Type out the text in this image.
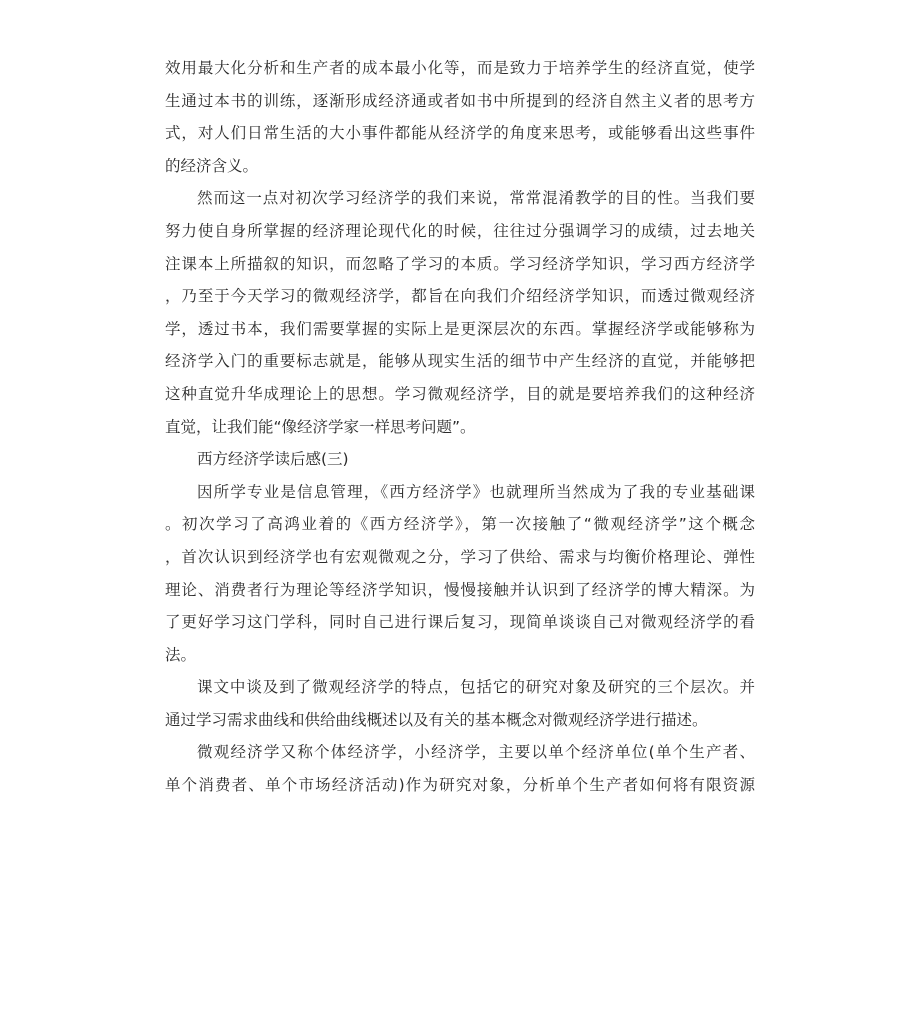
效用最大化分析和生产者的成本最小化等，而是致力于培养学生的经济直觉，使学
生通过本书的训练，逐渐形成经济通或者如书中所提到的经济自然主义者的思考方
式，对人们日常生活的大小事件都能从经济学的角度来思考，或能够看出这些事件
的经济含义。
然而这一点对初次学习经济学的我们来说，常常混淆教学的目的性。当我们要
努力使自身所掌握的经济理论现代化的时候，往往过分强调学习的成绩，过去地关
注课本上所描叙的知识，而忽略了学习的本质。学习经济学知识，学习西方经济学
，乃至于今天学习的微观经济学，都旨在向我们介绍经济学知识，而透过微观经济
学，透过书本，我们需要掌握的实际上是更深层次的东西。掌握经济学或能够称为
经济学入门的重要标志就是，能够从现实生活的细节中产生经济的直觉，并能够把
这种直觉升华成理论上的思想。学习微观经济学，目的就是要培养我们的这种经济
直觉，让我们能“像经济学家一样思考问题”。
西方经济学读后感(三)
因所学专业是信息管理，《西方经济学》也就理所当然成为了我的专业基础课
。初次学习了高鸿业着的《西方经济学》，第一次接触了“微观经济学”这个概念
，首次认识到经济学也有宏观微观之分，学习了供给、需求与均衡价格理论、弹性
理论、消费者行为理论等经济学知识，慢慢接触并认识到了经济学的博大精深。为
了更好学习这门学科，同时自己进行课后复习，现简单谈谈自己对微观经济学的看
法。
课文中谈及到了微观经济学的特点，包括它的研究对象及研究的三个层次。并
通过学习需求曲线和供给曲线概述以及有关的基本概念对微观经济学进行描述。
微观经济学又称个体经济学，小经济学，主要以单个经济单位(单个生产者、
单个消费者、单个市场经济活动)作为研究对象，分析单个生产者如何将有限资源
